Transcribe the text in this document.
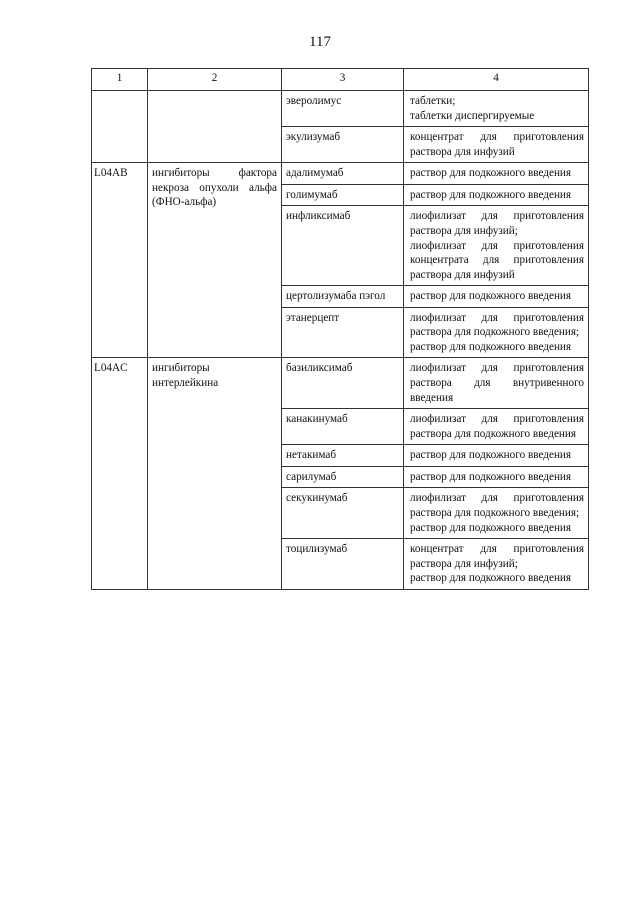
117
1	2	3	4
		эверолимус	таблетки;
таблетки диспергируемые

		экулизумаб	концентрат для приготовления раствора для инфузий

L04AB	ингибиторы фактора некроза опухоли альфа (ФНО-альфа)	адалимумаб	раствор для подкожного введения

		голимумаб	раствор для подкожного введения

		инфликсимаб	лиофилизат для приготовления раствора для инфузий;
лиофилизат для приготовления концентрата для приготовления раствора для инфузий

		цертолизумаба пэгол	раствор для подкожного введения

		этанерцепт	лиофилизат для приготовления раствора для подкожного введения;
раствор для подкожного введения

L04AC	ингибиторы интерлейкина	базиликсимаб	лиофилизат для приготовления раствора для внутривенного введения

		канакинумаб	лиофилизат для приготовления раствора для подкожного введения

		нетакимаб	раствор для подкожного введения

		сарилумаб	раствор для подкожного введения

		секукинумаб	лиофилизат для приготовления раствора для подкожного введения;
раствор для подкожного введения

		тоцилизумаб	концентрат для приготовления раствора для инфузий;
раствор для подкожного введения
